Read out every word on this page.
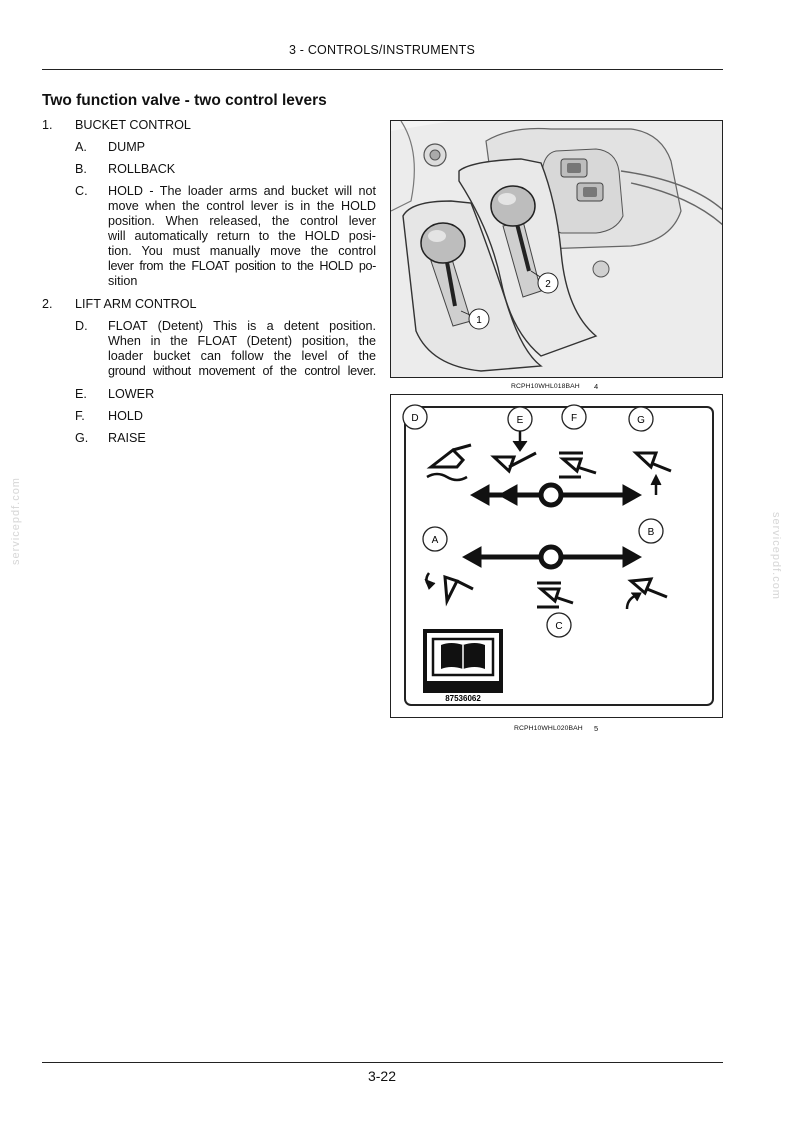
3 - CONTROLS/INSTRUMENTS
Two function valve - two control levers
1. BUCKET CONTROL
A. DUMP
B. ROLLBACK
C. HOLD - The loader arms and bucket will not
move when the control lever is in the HOLD
position. When released, the control lever
will automatically return to the HOLD posi-
tion. You must manually move the control
lever from the FLOAT position to the HOLD po-
sition
2. LIFT ARM CONTROL
D. FLOAT (Detent) This is a detent position.
When in the FLOAT (Detent) position, the
loader bucket can follow the level of the
ground without movement of the control lever.
E. LOWER
F. HOLD
G. RAISE
1
2
RCPH10WHL018BAH 4
D	E	F	G
A
B
C
87536062
RCPH10WHL020BAH 5
servicepdf.com	servicepdf.com
3-22
